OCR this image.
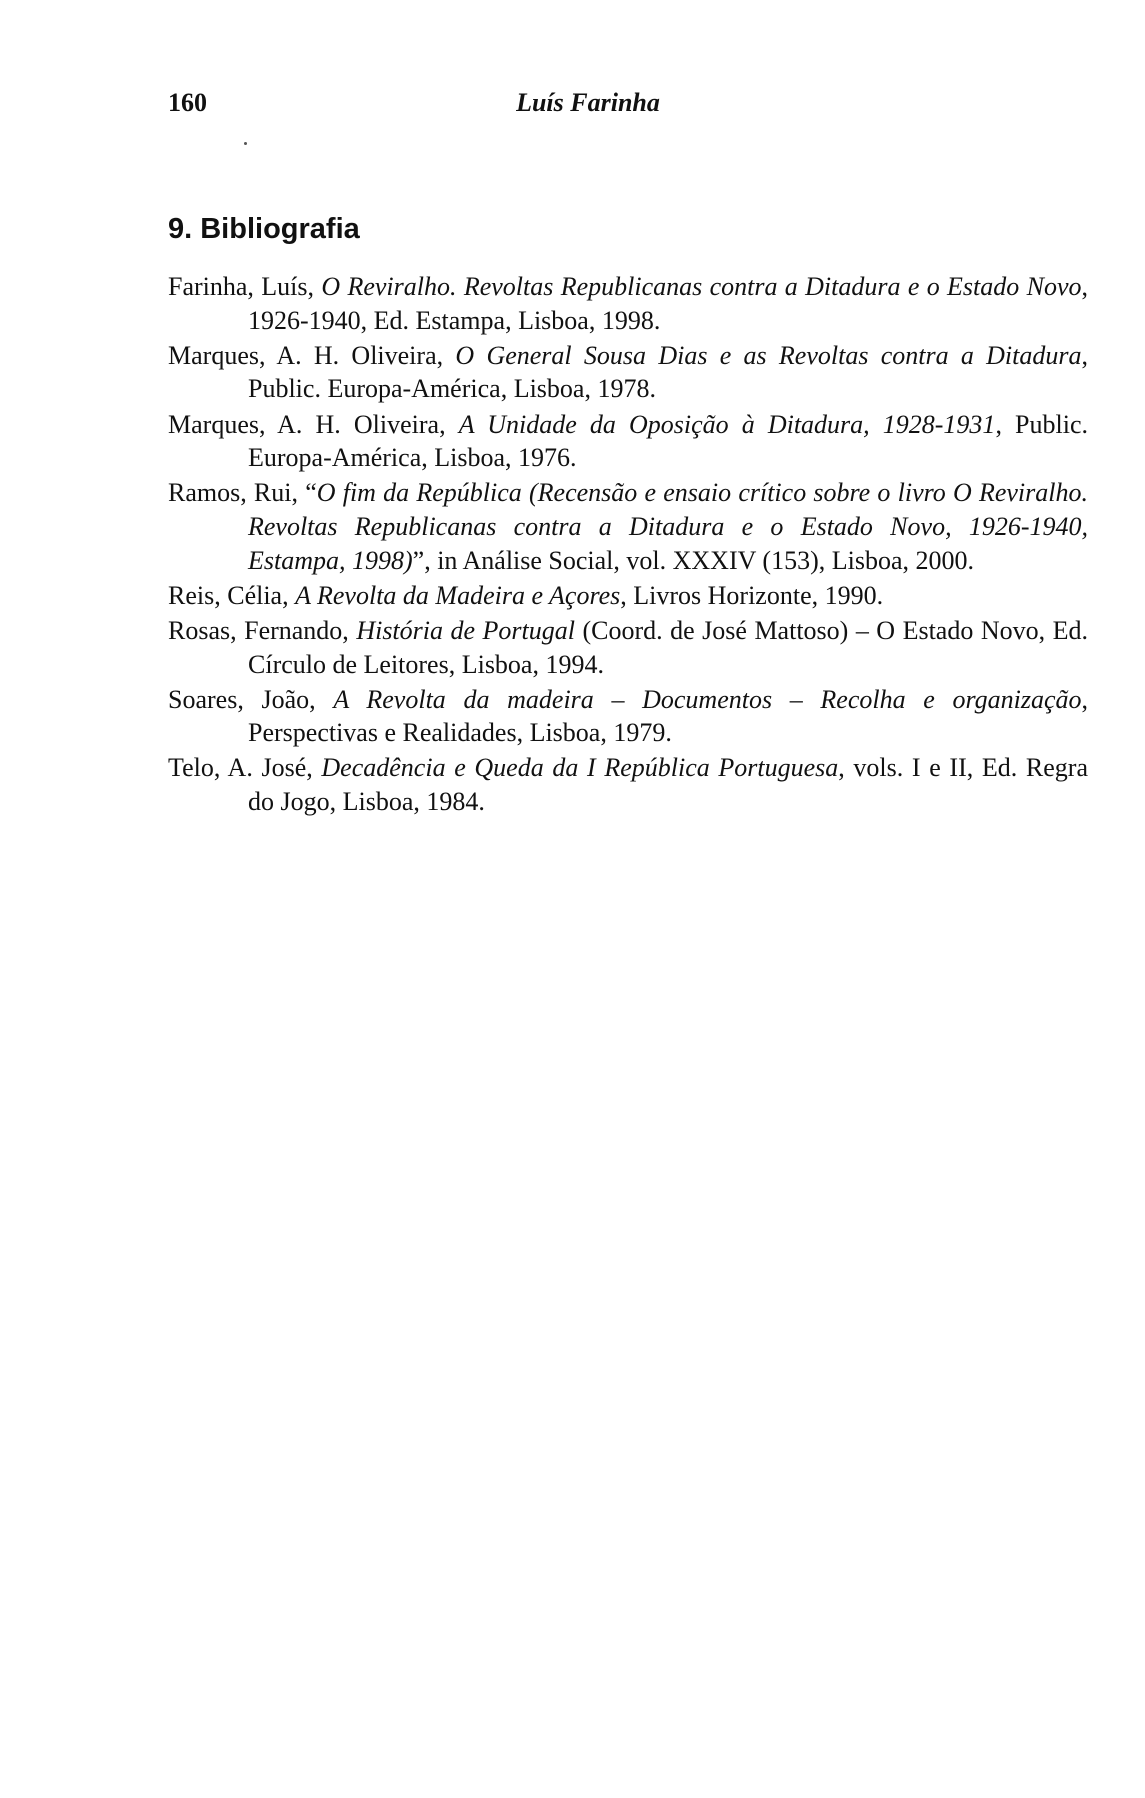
160	Luís Farinha
9. Bibliografia
Farinha, Luís, O Reviralho. Revoltas Republicanas contra a Ditadura e o Estado Novo, 1926-1940, Ed. Estampa, Lisboa, 1998.
Marques, A. H. Oliveira, O General Sousa Dias e as Revoltas contra a Ditadura, Public. Europa-América, Lisboa, 1978.
Marques, A. H. Oliveira, A Unidade da Oposição à Ditadura, 1928-1931, Public. Europa-América, Lisboa, 1976.
Ramos, Rui, “O fim da República (Recensão e ensaio crítico sobre o livro O Reviralho. Revoltas Republicanas contra a Ditadura e o Estado Novo, 1926-1940, Estampa, 1998)”, in Análise Social, vol. XXXIV (153), Lisboa, 2000.
Reis, Célia, A Revolta da Madeira e Açores, Livros Horizonte, 1990.
Rosas, Fernando, História de Portugal (Coord. de José Mattoso) – O Estado Novo, Ed. Círculo de Leitores, Lisboa, 1994.
Soares, João, A Revolta da madeira – Documentos – Recolha e organização, Perspectivas e Realidades, Lisboa, 1979.
Telo, A. José, Decadência e Queda da I República Portuguesa, vols. I e II, Ed. Regra do Jogo, Lisboa, 1984.
